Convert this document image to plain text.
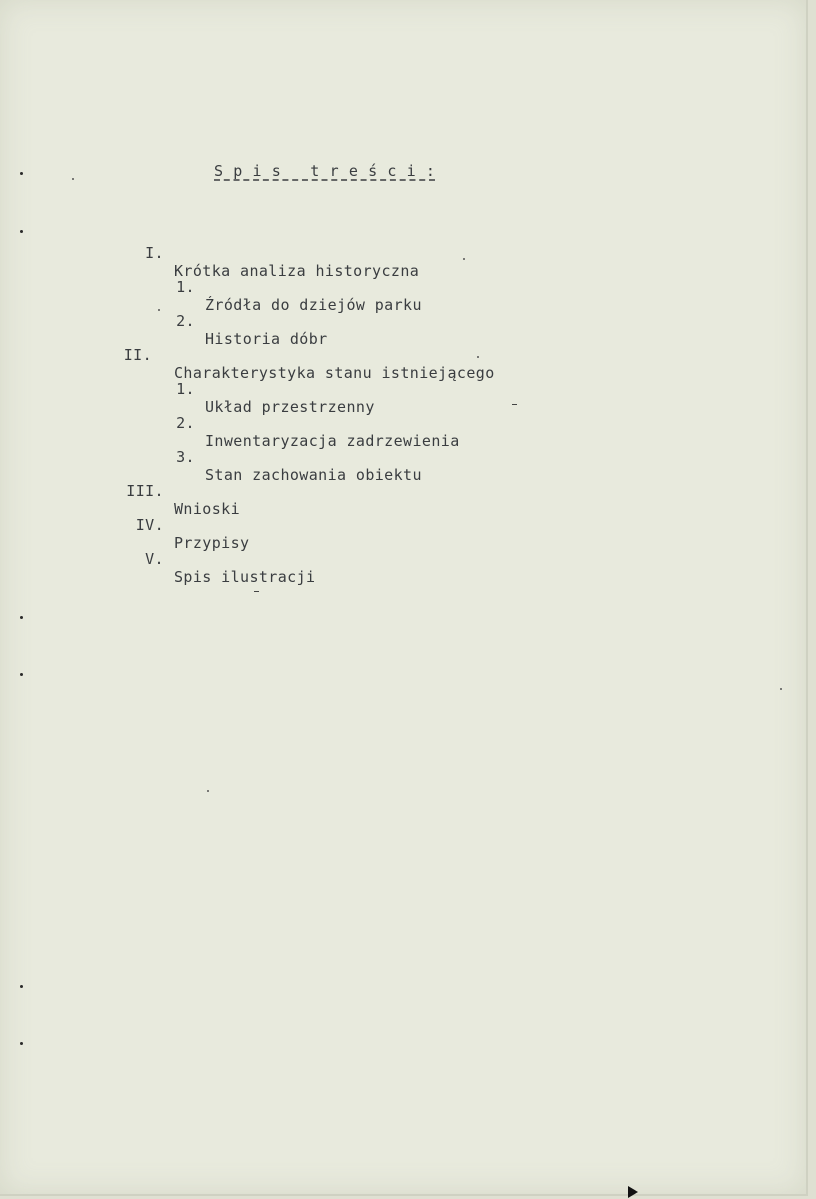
S p i s   t r e ś c i :

I.

Krótka analiza historyczna

1.

Źródła do dziejów parku

2.

Historia dóbr

II.

Charakterystyka stanu istniejącego

1.

Układ przestrzenny

2.

Inwentaryzacja zadrzewienia

3.

Stan zachowania obiektu

III.

Wnioski

IV.

Przypisy

V.

Spis ilustracji
